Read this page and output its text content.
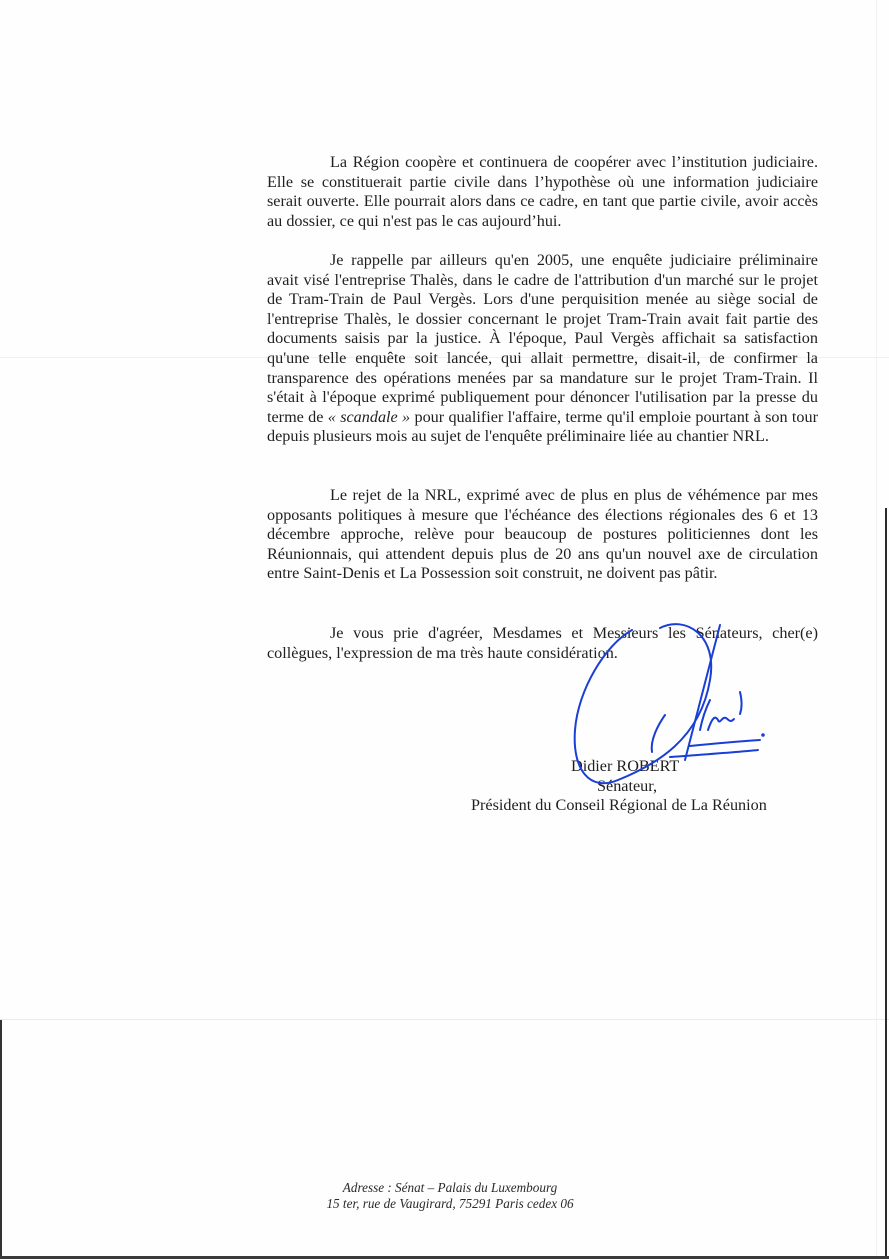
La Région coopère et continuera de coopérer avec l’institution judiciaire. Elle se constituerait partie civile dans l’hypothèse où une information judiciaire serait ouverte. Elle pourrait alors dans ce cadre, en tant que partie civile, avoir accès au dossier, ce qui n'est pas le cas aujourd’hui.

Je rappelle par ailleurs qu'en 2005, une enquête judiciaire préliminaire avait visé l'entreprise Thalès, dans le cadre de l'attribution d'un marché sur le projet de Tram-Train de Paul Vergès. Lors d'une perquisition menée au siège social de l'entreprise Thalès, le dossier concernant le projet Tram-Train avait fait partie des documents saisis par la justice. À l'époque, Paul Vergès affichait sa satisfaction qu'une telle enquête soit lancée, qui allait permettre, disait-il, de confirmer la transparence des opérations menées par sa mandature sur le projet Tram-Train. Il s'était à l'époque exprimé publiquement pour dénoncer l'utilisation par la presse du terme de « scandale » pour qualifier l'affaire, terme qu'il emploie pourtant à son tour depuis plusieurs mois au sujet de l'enquête préliminaire liée au chantier NRL.

Le rejet de la NRL, exprimé avec de plus en plus de véhémence par mes opposants politiques à mesure que l'échéance des élections régionales des 6 et 13 décembre approche, relève pour beaucoup de postures politiciennes dont les Réunionnais, qui attendent depuis plus de 20 ans qu'un nouvel axe de circulation entre Saint-Denis et La Possession soit construit, ne doivent pas pâtir.

Je vous prie d'agréer, Mesdames et Messieurs les Sénateurs, cher(e) collègues, l'expression de ma très haute considération.

Didier ROBERT
Sénateur,
Président du Conseil Régional de La Réunion
Adresse : Sénat – Palais du Luxembourg
15 ter, rue de Vaugirard, 75291 Paris cedex 06
